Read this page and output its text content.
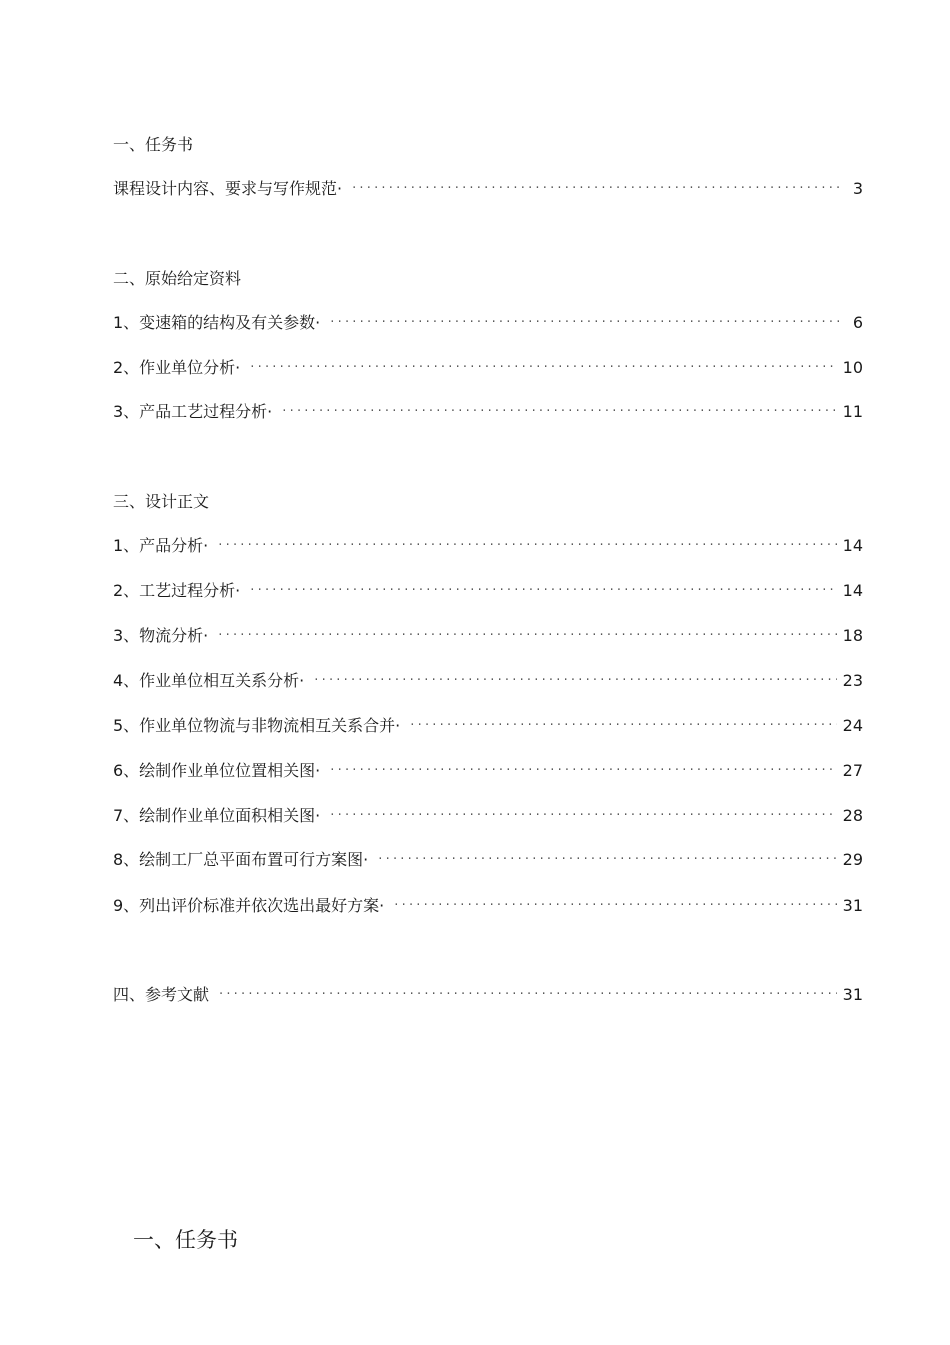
一、任务书
课程设计内容、要求与写作规范· ·····	3
二、原始给定资料
1、变速箱的结构及有关参数· ·····	6
2、作业单位分析· ·····	10
3、产品工艺过程分析· ·····	11
三、设计正文
1、产品分析· ·····	14
2、工艺过程分析· ·····	14
3、物流分析· ·····	18
4、作业单位相互关系分析· ·····	23
5、作业单位物流与非物流相互关系合并· ·····	24
6、绘制作业单位位置相关图· ·····	27
7、绘制作业单位面积相关图· ·····	28
8、绘制工厂总平面布置可行方案图· ·····	29
9、列出评价标准并依次选出最好方案· ·····	31
四、参考文献 ·····	31
一、任务书
